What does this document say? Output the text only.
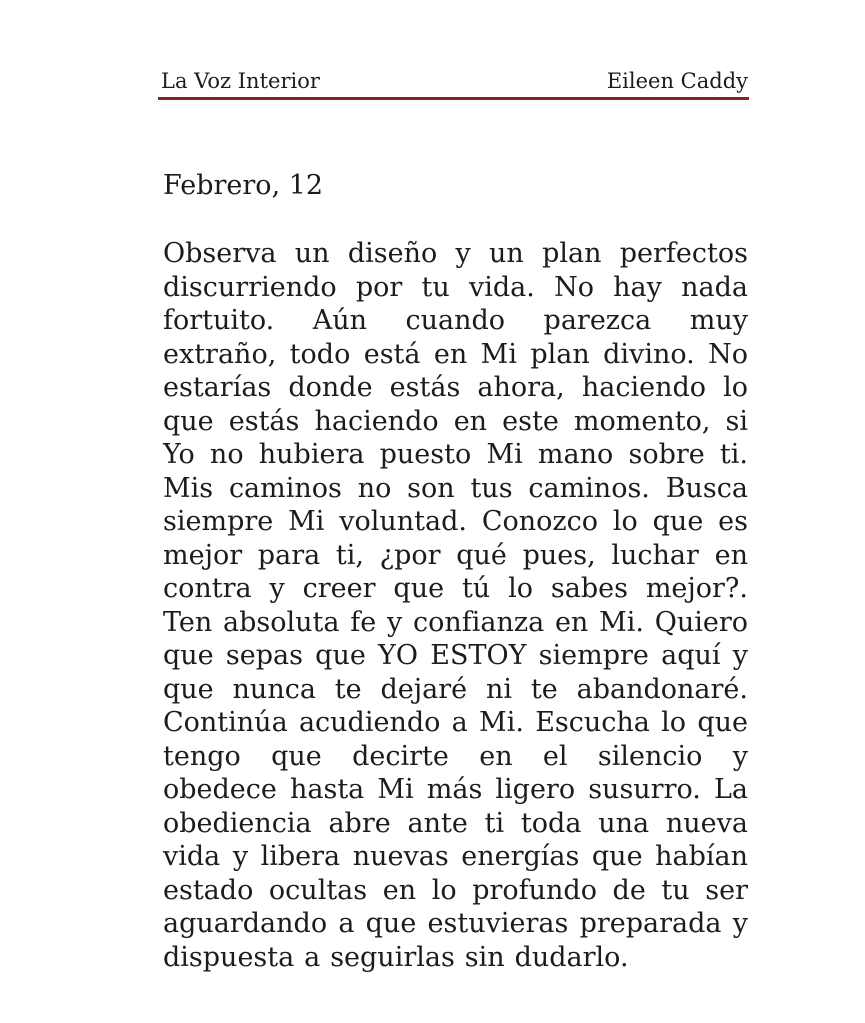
La Voz Interior	Eileen Caddy
Febrero, 12
Observa un diseño y un plan perfectos discurriendo por tu vida. No hay nada fortuito. Aún cuando parezca muy extraño, todo está en Mi plan divino. No estarías donde estás ahora, haciendo lo que estás haciendo en este momento, si Yo no hubiera puesto Mi mano sobre ti. Mis caminos no son tus caminos. Busca siempre Mi voluntad. Conozco lo que es mejor para ti, ¿por qué pues, luchar en contra y creer que tú lo sabes mejor?. Ten absoluta fe y confianza en Mi. Quiero que sepas que YO ESTOY siempre aquí y que nunca te dejaré ni te abandonaré. Continúa acudiendo a Mi. Escucha lo que tengo que decirte en el silencio y obedece hasta Mi más ligero susurro. La obediencia abre ante ti toda una nueva vida y libera nuevas energías que habían estado ocultas en lo profundo de tu ser aguardando a que estuvieras preparada y dispuesta a seguirlas sin dudarlo.
